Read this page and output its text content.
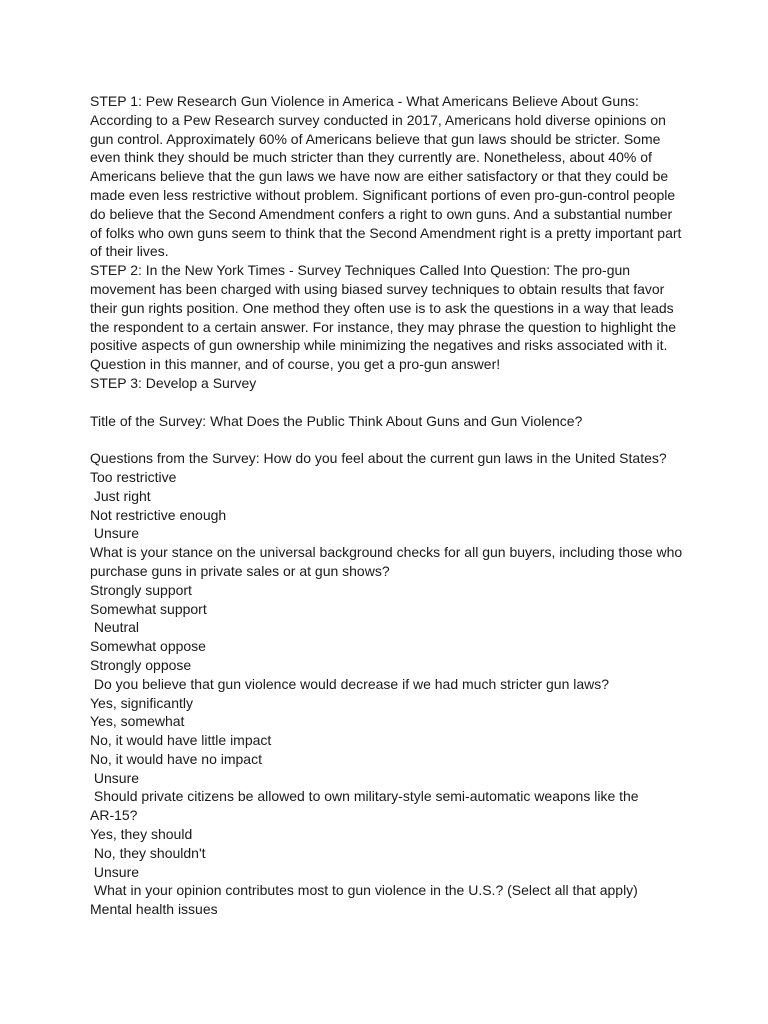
STEP 1: Pew Research Gun Violence in America - What Americans Believe About Guns:
According to a Pew Research survey conducted in 2017, Americans hold diverse opinions on
gun control. Approximately 60% of Americans believe that gun laws should be stricter. Some
even think they should be much stricter than they currently are. Nonetheless, about 40% of
Americans believe that the gun laws we have now are either satisfactory or that they could be
made even less restrictive without problem. Significant portions of even pro-gun-control people
do believe that the Second Amendment confers a right to own guns. And a substantial number
of folks who own guns seem to think that the Second Amendment right is a pretty important part
of their lives.
STEP 2: In the New York Times - Survey Techniques Called Into Question: The pro-gun
movement has been charged with using biased survey techniques to obtain results that favor
their gun rights position. One method they often use is to ask the questions in a way that leads
the respondent to a certain answer. For instance, they may phrase the question to highlight the
positive aspects of gun ownership while minimizing the negatives and risks associated with it.
Question in this manner, and of course, you get a pro-gun answer!
STEP 3: Develop a Survey
Title of the Survey: What Does the Public Think About Guns and Gun Violence?
Questions from the Survey: How do you feel about the current gun laws in the United States?
Too restrictive
Just right
Not restrictive enough
Unsure
What is your stance on the universal background checks for all gun buyers, including those who
purchase guns in private sales or at gun shows?
Strongly support
Somewhat support
Neutral
Somewhat oppose
Strongly oppose
Do you believe that gun violence would decrease if we had much stricter gun laws?
Yes, significantly
Yes, somewhat
No, it would have little impact
No, it would have no impact
Unsure
Should private citizens be allowed to own military-style semi-automatic weapons like the
AR-15?
Yes, they should
No, they shouldn't
Unsure
What in your opinion contributes most to gun violence in the U.S.? (Select all that apply)
Mental health issues
